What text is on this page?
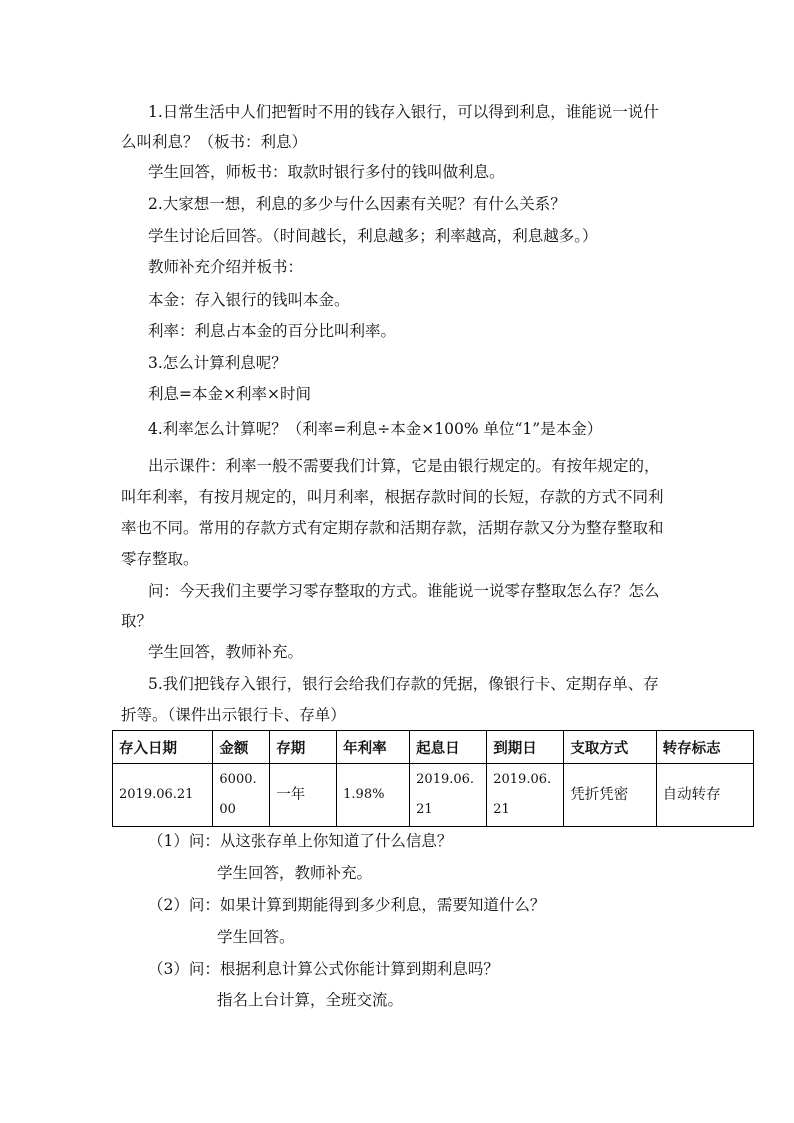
1.日常生活中人们把暂时不用的钱存入银行，可以得到利息，谁能说一说什
么叫利息？（板书：利息）
学生回答，师板书：取款时银行多付的钱叫做利息。
2.大家想一想，利息的多少与什么因素有关呢？有什么关系？
学生讨论后回答。（时间越长，利息越多；利率越高，利息越多。）
教师补充介绍并板书：
本金：存入银行的钱叫本金。
利率：利息占本金的百分比叫利率。
3.怎么计算利息呢？
利息=本金×利率×时间
4.利率怎么计算呢？（利率=利息÷本金×100% 单位“1”是本金）
出示课件：利率一般不需要我们计算，它是由银行规定的。有按年规定的，
叫年利率，有按月规定的，叫月利率，根据存款时间的长短，存款的方式不同利
率也不同。常用的存款方式有定期存款和活期存款，活期存款又分为整存整取和
零存整取。
问：今天我们主要学习零存整取的方式。谁能说一说零存整取怎么存？怎么
取？
学生回答，教师补充。
5.我们把钱存入银行，银行会给我们存款的凭据，像银行卡、定期存单、存
折等。（课件出示银行卡、存单）
存入日期	金额	存期	年利率	起息日	到期日	支取方式	转存标志
2019.06.21	6000.00	一年	1.98%	2019.06.21	2019.06.21	凭折凭密	自动转存
（1）问：从这张存单上你知道了什么信息？
学生回答，教师补充。
（2）问：如果计算到期能得到多少利息，需要知道什么？
学生回答。
（3）问：根据利息计算公式你能计算到期利息吗？
指名上台计算，全班交流。
